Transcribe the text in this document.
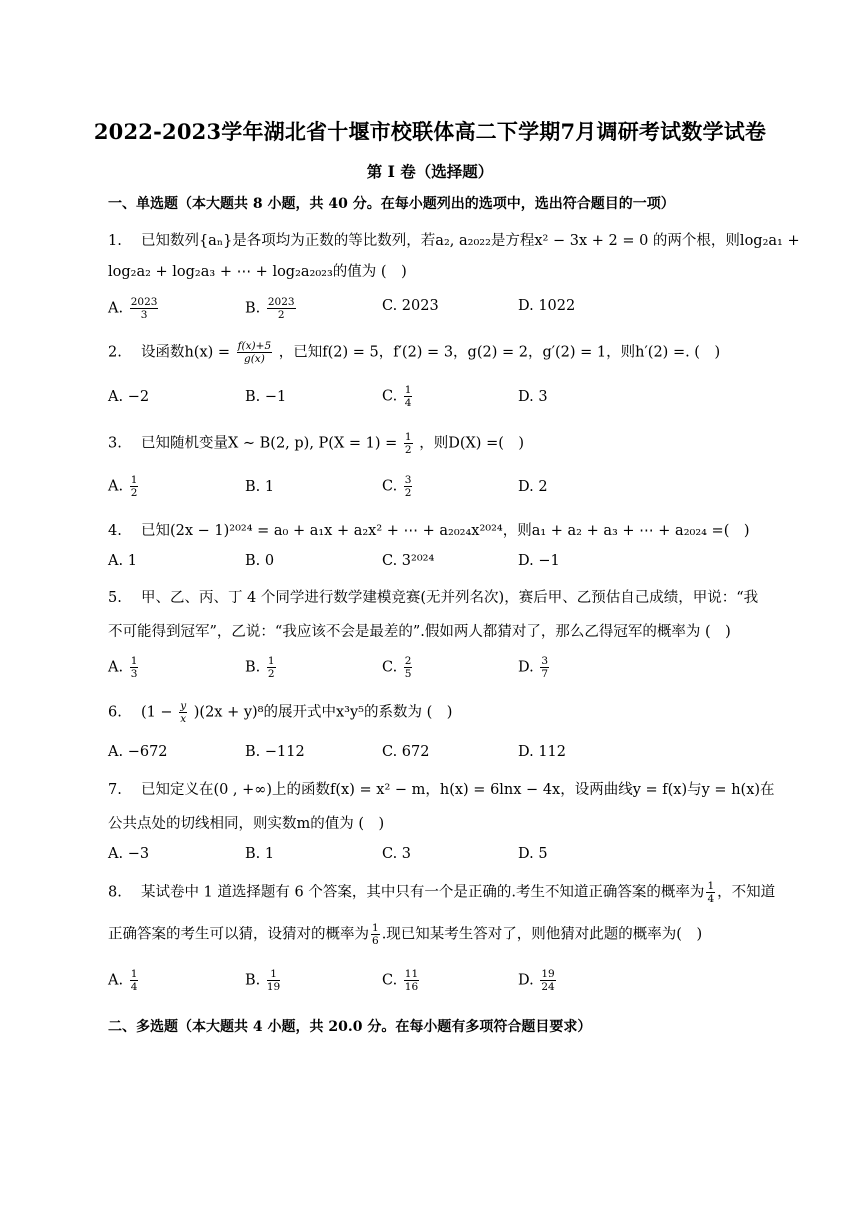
2022-2023学年湖北省十堰市校联体高二下学期7月调研考试数学试卷
第 I 卷（选择题）
一、单选题（本大题共 8 小题，共 40 分。在每小题列出的选项中，选出符合题目的一项）
1.　 已知数列{aₙ}是各项均为正数的等比数列，若a₂, a₂₀₂₂是方程x² − 3x + 2 = 0 的两个根，则log₂a₁ +
log₂a₂ + log₂a₃ + ⋯ + log₂a₂₀₂₃的值为 (　)
A. $\frac{2023}{3}$	B. $\frac{2023}{2}$	C. 2023	D. 1022
2.　 设函数$h(x) = \frac{f(x)+5}{g(x)}$ ，已知f(2) = 5，f′(2) = 3，g(2) = 2，g′(2) = 1，则h′(2) =. (　)
A. −2	B. −1	C. $\frac{1}{4}$	D. 3
3.　 已知随机变量X ∼ B(2, p), $P(X = 1) = \frac{1}{2}$ ，则D(X) =(　)
A. $\frac{1}{2}$	B. 1	C. $\frac{3}{2}$	D. 2
4.　 已知(2x − 1)²⁰²⁴ = a₀ + a₁x + a₂x² + ⋯ + a₂₀₂₄x²⁰²⁴，则a₁ + a₂ + a₃ + ⋯ + a₂₀₂₄ =(　)
A. 1	B. 0	C. 3²⁰²⁴	D. −1
5.　 甲、乙、丙、丁 4 个同学进行数学建模竞赛(无并列名次)，赛后甲、乙预估自己成绩，甲说：“我
不可能得到冠军”，乙说：“我应该不会是最差的”.假如两人都猜对了，那么乙得冠军的概率为 (　)
A. $\frac{1}{3}$	B. $\frac{1}{2}$	C. $\frac{2}{5}$	D. $\frac{3}{7}$
6.　 $(1 - \frac{y}{x} )(2x + y)^8$的展开式中x³y⁵的系数为 (　)
A. −672	B. −112	C. 672	D. 112
7.　 已知定义在(0 , +∞)上的函数f(x) = x² − m，h(x) = 6lnx − 4x，设两曲线y = f(x)与y = h(x)在
公共点处的切线相同，则实数m的值为 (　)
A. −3	B. 1	C. 3	D. 5
8.　 某试卷中 1 道选择题有 6 个答案，其中只有一个是正确的.考生不知道正确答案的概率为 $\frac{1}{4}$ ，不知道
正确答案的考生可以猜，设猜对的概率为 $\frac{1}{6}$ .现已知某考生答对了，则他猜对此题的概率为(　)
A. $\frac{1}{4}$	B. $\frac{1}{19}$	C. $\frac{11}{16}$	D. $\frac{19}{24}$
二、多选题（本大题共 4 小题，共 20.0 分。在每小题有多项符合题目要求）
